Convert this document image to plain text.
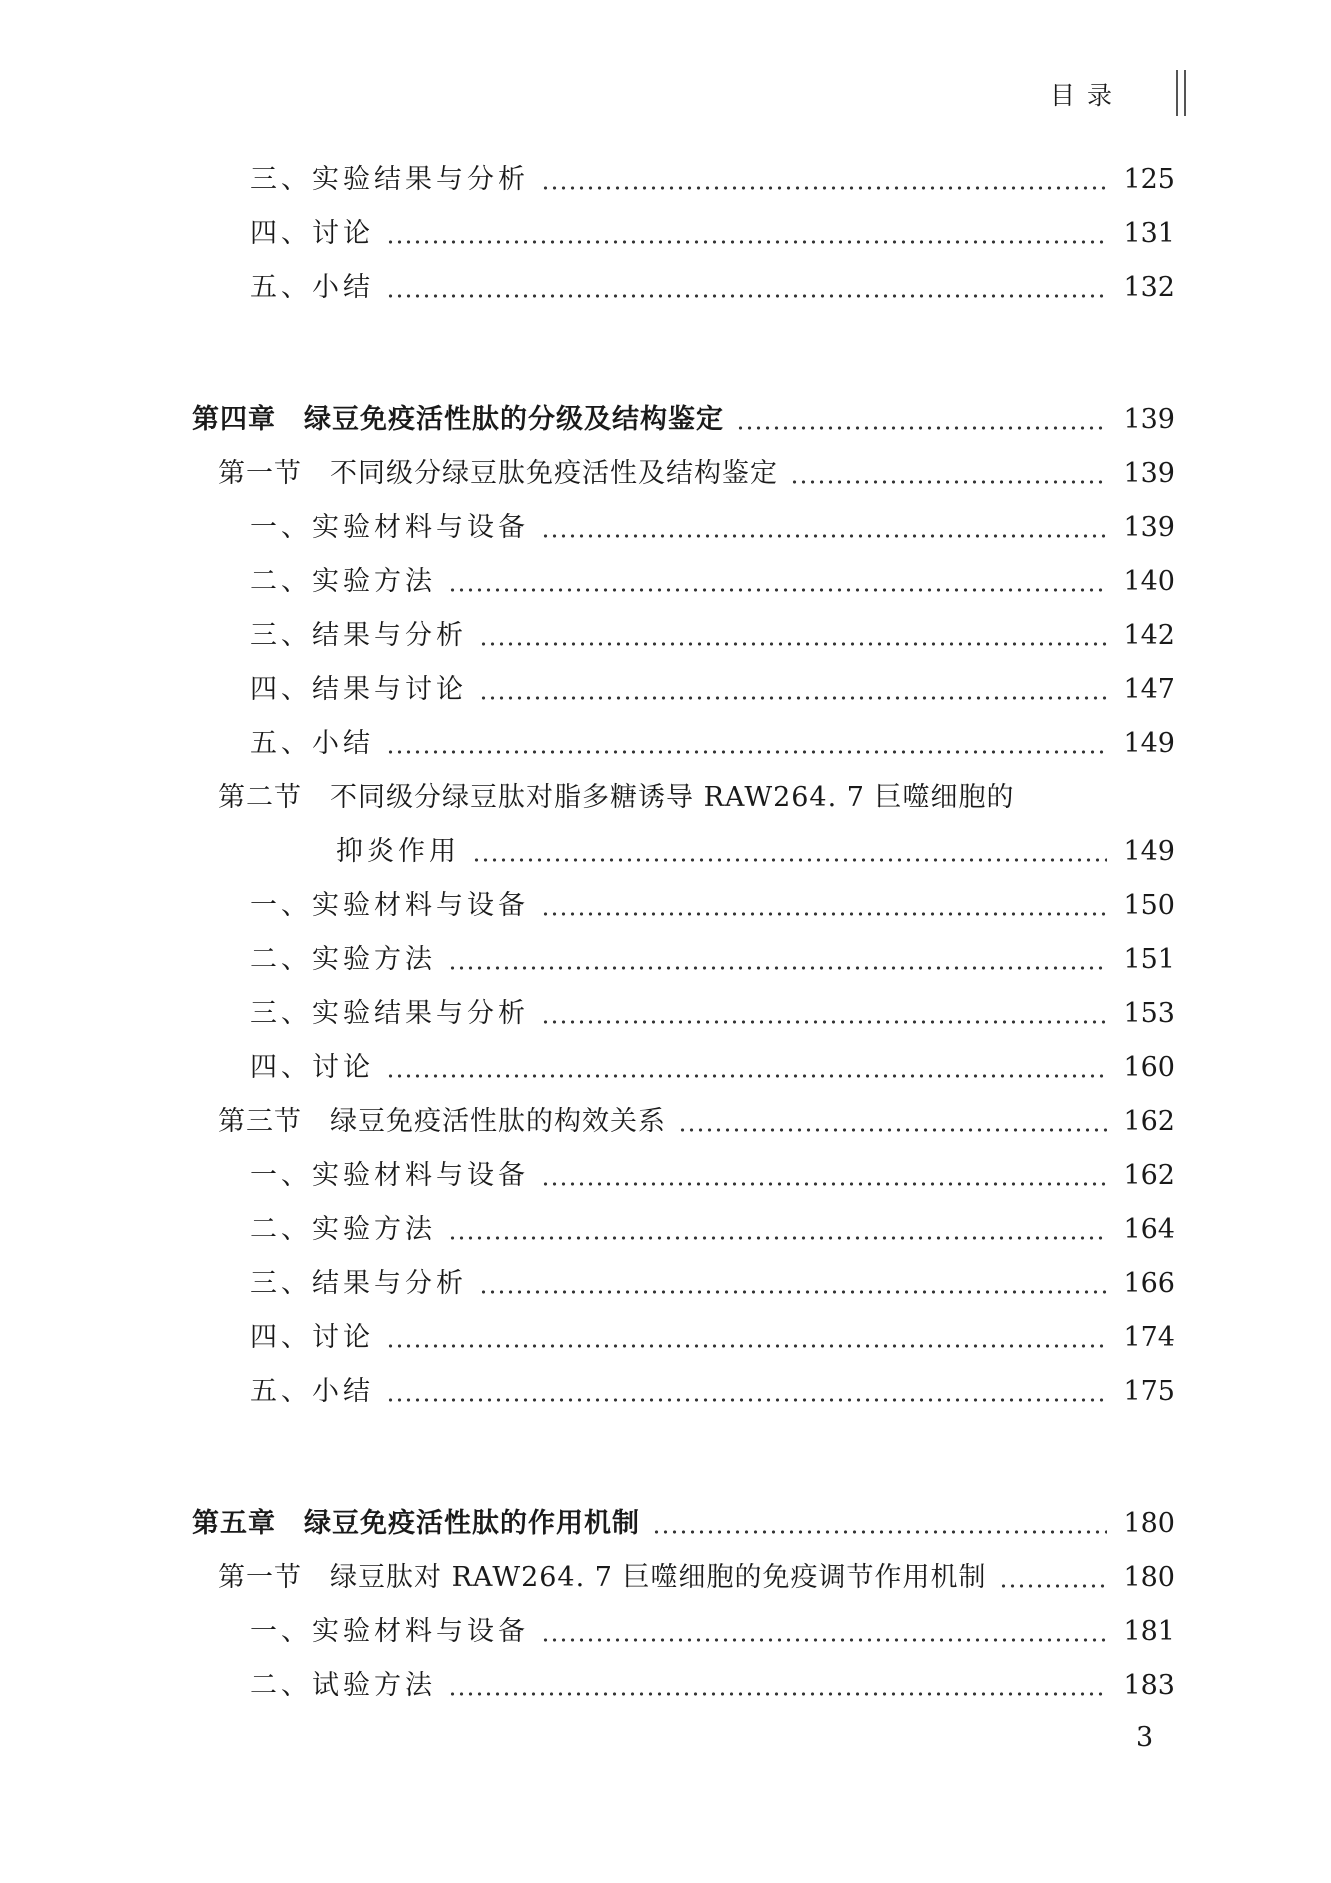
目录
三、实验结果与分析	125
四、讨论	131
五、小结	132
第四章　绿豆免疫活性肽的分级及结构鉴定	139
第一节　不同级分绿豆肽免疫活性及结构鉴定	139
一、实验材料与设备	139
二、实验方法	140
三、结果与分析	142
四、结果与讨论	147
五、小结	149
第二节　不同级分绿豆肽对脂多糖诱导 RAW264. 7 巨噬细胞的
抑炎作用	149
一、实验材料与设备	150
二、实验方法	151
三、实验结果与分析	153
四、讨论	160
第三节　绿豆免疫活性肽的构效关系	162
一、实验材料与设备	162
二、实验方法	164
三、结果与分析	166
四、讨论	174
五、小结	175
第五章　绿豆免疫活性肽的作用机制	180
第一节　绿豆肽对 RAW264. 7 巨噬细胞的免疫调节作用机制	180
一、实验材料与设备	181
二、试验方法	183
3
